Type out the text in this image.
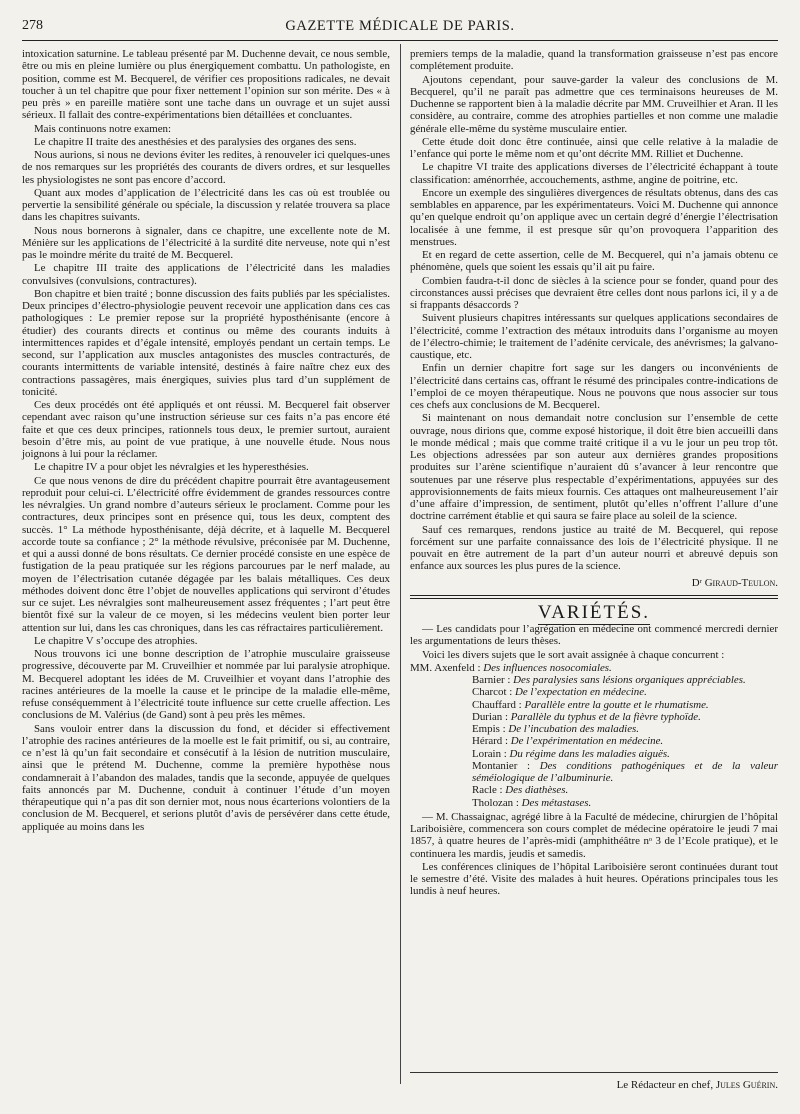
278	GAZETTE MÉDICALE DE PARIS.

intoxication saturnine. Le tableau présenté par M. Duchenne devait, ce nous semble, être ou mis en pleine lumière ou plus énergiquement combattu. Un pathologiste, en position, comme est M. Becquerel, de vérifier ces propositions radicales, ne devait toucher à un tel chapitre que pour fixer nettement l’opinion sur son mérite. Des « à peu près » en pareille matière sont une tache dans un ouvrage et un sujet aussi sérieux. Il fallait des contre-expérimentations bien détaillées et concluantes.

Mais continuons notre examen:

Le chapitre II traite des anesthésies et des paralysies des organes des sens.

Nous aurions, si nous ne devions éviter les redites, à renouveler ici quelques-unes de nos remarques sur les propriétés des courants de divers ordres, et sur lesquelles les physiologistes ne sont pas encore d’accord.

Quant aux modes d’application de l’électricité dans les cas où est troublée ou pervertie la sensibilité générale ou spéciale, la discussion y relatée trouvera sa place dans les chapitres suivants.

Nous nous bornerons à signaler, dans ce chapitre, une excellente note de M. Ménière sur les applications de l’électricité à la surdité dite nerveuse, note qui n’est pas le moindre mérite du traité de M. Becquerel.

Le chapitre III traite des applications de l’électricité dans les maladies convulsives (convulsions, contractures).

Bon chapitre et bien traité ; bonne discussion des faits publiés par les spécialistes. Deux principes d’électro-physiologie peuvent recevoir une application dans ces cas pathologiques : Le premier repose sur la propriété hyposthénisante (encore à étudier) des courants directs et continus ou même des courants induits à intermittences rapides et d’égale intensité, employés pendant un certain temps. Le second, sur l’application aux muscles antagonistes des muscles contracturés, de courants intermittents de variable intensité, destinés à faire naître chez eux des contractions passagères, mais énergiques, suivies plus tard d’un supplément de tonicité.

Ces deux procédés ont été appliqués et ont réussi. M. Becquerel fait observer cependant avec raison qu’une instruction sérieuse sur ces faits n’a pas encore été faite et que ces deux principes, rationnels tous deux, le premier surtout, auraient besoin d’être mis, au point de vue pratique, à une nouvelle étude. Nous nous joignons à lui pour la réclamer.

Le chapitre IV a pour objet les névralgies et les hyperesthésies.

Ce que nous venons de dire du précédent chapitre pourrait être avantageusement reproduit pour celui-ci. L’électricité offre évidemment de grandes ressources contre les névralgies. Un grand nombre d’auteurs sérieux le proclament. Comme pour les contractures, deux principes sont en présence qui, tous les deux, comptent des succès. 1° La méthode hyposthénisante, déjà décrite, et à laquelle M. Becquerel accorde toute sa confiance ; 2° la méthode révulsive, préconisée par M. Duchenne, et qui a aussi donné de bons résultats. Ce dernier procédé consiste en une espèce de fustigation de la peau pratiquée sur les régions parcourues par le nerf malade, au moyen de l’électrisation cutanée dégagée par les balais métalliques. Ces deux méthodes doivent donc être l’objet de nouvelles applications qui serviront d’études sur ce sujet. Les névralgies sont malheureusement assez fréquentes ; l’art peut être bientôt fixé sur la valeur de ce moyen, si les médecins veulent bien porter leur attention sur lui, dans les cas chroniques, dans les cas réfractaires particulièrement.

Le chapitre V s’occupe des atrophies.

Nous trouvons ici une bonne description de l’atrophie musculaire graisseuse progressive, découverte par M. Cruveilhier et nommée par lui paralysie atrophique. M. Becquerel adoptant les idées de M. Cruveilhier et voyant dans l’atrophie des racines antérieures de la moelle la cause et le principe de la maladie elle-même, refuse conséquemment à l’électricité toute influence sur cette cruelle affection. Les conclusions de M. Valérius (de Gand) sont à peu près les mêmes.

Sans vouloir entrer dans la discussion du fond, et décider si effectivement l’atrophie des racines antérieures de la moelle est le fait primitif, ou si, au contraire, ce n’est là qu’un fait secondaire et consécutif à la lésion de nutrition musculaire, ainsi que le prétend M. Duchenne, comme la première hypothèse nous condamnerait à l’abandon des malades, tandis que la seconde, appuyée de quelques faits annoncés par M. Duchenne, conduit à continuer l’étude d’un moyen thérapeutique qui n’a pas dit son dernier mot, nous nous écarterions volontiers de la conclusion de M. Becquerel, et serions plutôt d’avis de persévérer dans cette étude, appliquée au moins dans les

premiers temps de la maladie, quand la transformation graisseuse n’est pas encore complétement produite.

Ajoutons cependant, pour sauve-garder la valeur des conclusions de M. Becquerel, qu’il ne paraît pas admettre que ces terminaisons heureuses de M. Duchenne se rapportent bien à la maladie décrite par MM. Cruveilhier et Aran. Il les considère, au contraire, comme des atrophies partielles et non comme une maladie générale elle-même du système musculaire entier.

Cette étude doit donc être continuée, ainsi que celle relative à la maladie de l’enfance qui porte le même nom et qu’ont décrite MM. Rilliet et Duchenne.

Le chapitre VI traite des applications diverses de l’électricité échappant à toute classification: aménorrhée, accouchements, asthme, angine de poitrine, etc.

Encore un exemple des singulières divergences de résultats obtenus, dans des cas semblables en apparence, par les expérimentateurs. Voici M. Duchenne qui annonce qu’en quelque endroit qu’on applique avec un certain degré d’énergie l’électrisation localisée à une femme, il est presque sûr qu’on provoquera l’apparition des menstrues.

Et en regard de cette assertion, celle de M. Becquerel, qui n’a jamais obtenu ce phénomène, quels que soient les essais qu’il ait pu faire.

Combien faudra-t-il donc de siècles à la science pour se fonder, quand pour des circonstances aussi précises que devraient être celles dont nous parlons ici, il y a de si frappants désaccords ?

Suivent plusieurs chapitres intéressants sur quelques applications secondaires de l’électricité, comme l’extraction des métaux introduits dans l’organisme au moyen de l’électro-chimie; le traitement de l’adénite cervicale, des anévrismes; la galvano-caustique, etc.

Enfin un dernier chapitre fort sage sur les dangers ou inconvénients de l’électricité dans certains cas, offrant le résumé des principales contre-indications de l’emploi de ce moyen thérapeutique. Nous ne pouvons que nous associer sur tous ces chefs aux conclusions de M. Becquerel.

Si maintenant on nous demandait notre conclusion sur l’ensemble de cette ouvrage, nous dirions que, comme exposé historique, il doit être bien accueilli dans le monde médical ; mais que comme traité critique il a vu le jour un peu trop tôt. Les objections adressées par son auteur aux dernières grandes propositions produites sur l’arène scientifique n’auraient dû s’avancer à leur rencontre que soutenues par une réserve plus respectable d’expérimentations, appuyées sur des approvisionnements de faits mieux fournis. Ces attaques ont malheureusement l’air d’une affaire d’impression, de sentiment, plutôt qu’elles n’offrent l’allure d’une doctrine carrément établie et qui saura se faire place au soleil de la science.

Sauf ces remarques, rendons justice au traité de M. Becquerel, qui repose forcément sur une parfaite connaissance des lois de l’électricité physique. Il ne pouvait en être autrement de la part d’un auteur nourri et abreuvé depuis son enfance aux sources les plus pures de la science.

Dʳ Giraud-Teulon.
VARIÉTÉS.

— Les candidats pour l’agrégation en médecine ont commencé mercredi dernier les argumentations de leurs thèses.

Voici les divers sujets que le sort avait assignée à chaque concurrent :

MM. Axenfeld : Des influences nosocomiales.
Barnier : Des paralysies sans lésions organiques appréciables.
Charcot : De l’expectation en médecine.
Chauffard : Parallèle entre la goutte et le rhumatisme.
Durian : Parallèle du typhus et de la fièvre typhoïde.
Empis : De l’incubation des maladies.
Hérard : De l’expérimentation en médecine.
Lorain : Du régime dans les maladies aiguës.
Montanier : Des conditions pathogéniques et de la valeur séméiologique de l’albuminurie.
Racle : Des diathèses.
Tholozan : Des métastases.

— M. Chassaignac, agrégé libre à la Faculté de médecine, chirurgien de l’hôpital Lariboisière, commencera son cours complet de médecine opératoire le jeudi 7 mai 1857, à quatre heures de l’après-midi (amphithéâtre nᵒ 3 de l’Ecole pratique), et le continuera les mardis, jeudis et samedis.

Les conférences cliniques de l’hôpital Lariboisière seront continuées durant tout le semestre d’été. Visite des malades à huit heures. Opérations principales tous les lundis à neuf heures.

Le Rédacteur en chef, Jules Guérin.
